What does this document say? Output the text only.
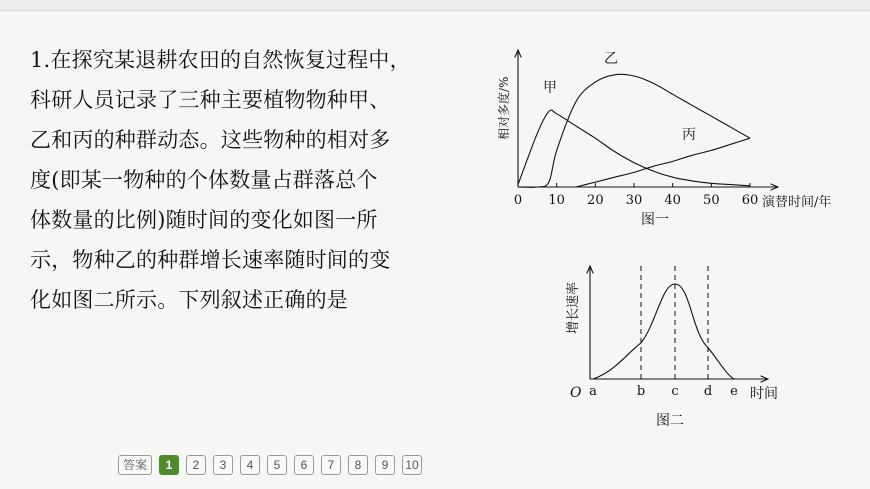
1.在探究某退耕农田的自然恢复过程中，

科研人员记录了三种主要植物物种甲、

乙和丙的种群动态。这些物种的相对多

度(即某一物种的个体数量占群落总个

体数量的比例)随时间的变化如图一所

示，物种乙的种群增长速率随时间的变

化如图二所示。下列叙述正确的是

相对多度/%
演替时间/年
0 10 20 30 40 50 60
甲
乙
丙
图一
增长速率
O	时间
a	b c d e
图二
答案	1	2	3	4	5	6	7	8	9	10
